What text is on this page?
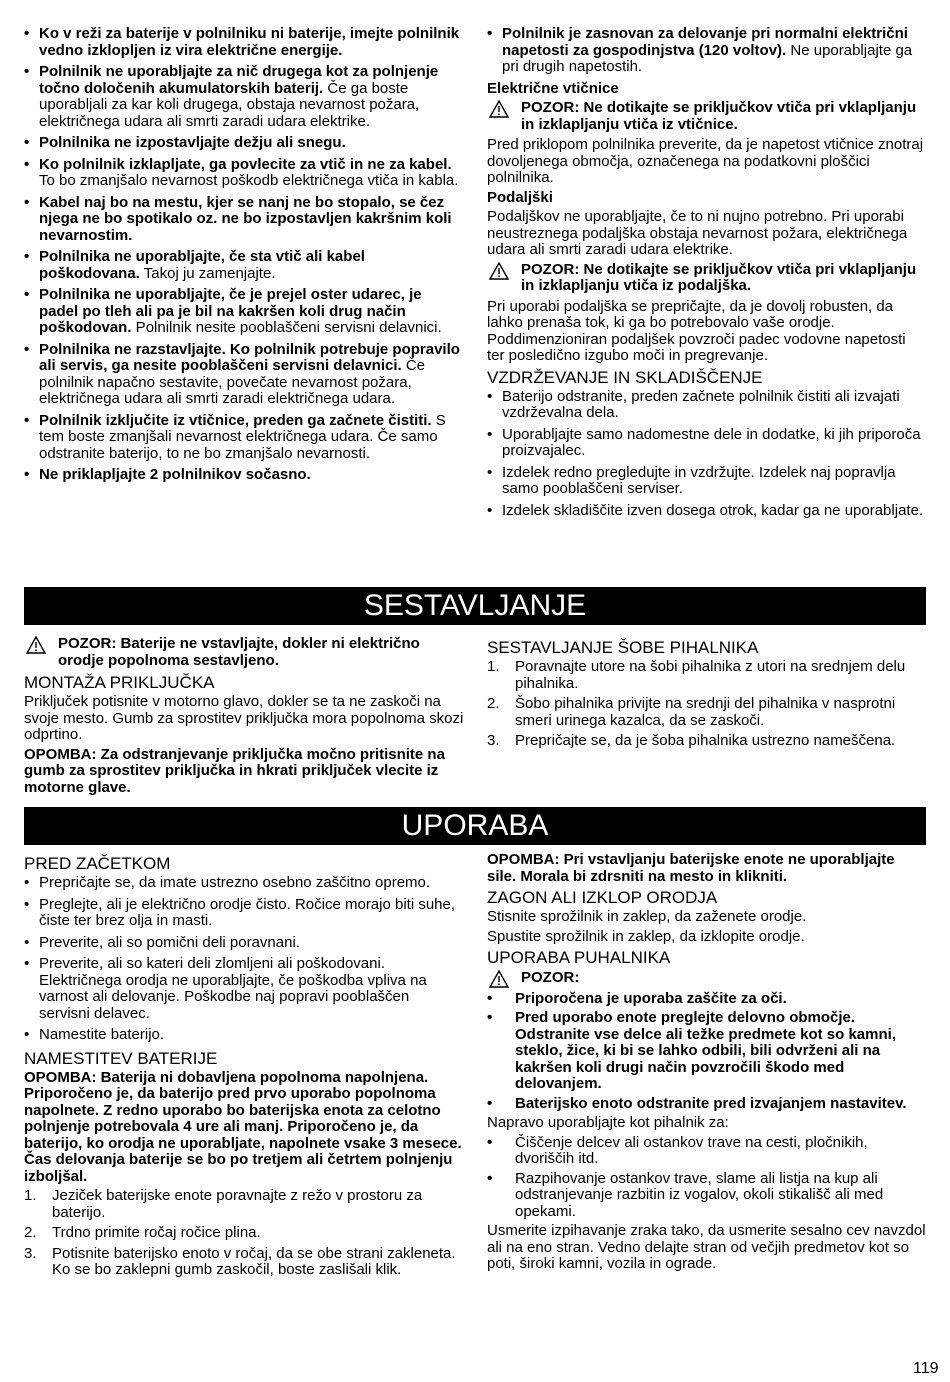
• Ko v reži za baterije v polnilniku ni baterije, imejte polnilnik vedno izklopljen iz vira električne energije.
• Polnilnik ne uporabljajte za nič drugega kot za polnjenje točno določenih akumulatorskih baterij. Če ga boste uporabljali za kar koli drugega, obstaja nevarnost požara, električnega udara ali smrti zaradi udara elektrike.
• Polnilnika ne izpostavljajte dežju ali snegu.
• Ko polnilnik izklapljate, ga povlecite za vtič in ne za kabel. To bo zmanjšalo nevarnost poškodb električnega vtiča in kabla.
• Kabel naj bo na mestu, kjer se nanj ne bo stopalo, se čez njega ne bo spotikalo oz. ne bo izpostavljen kakršnim koli nevarnostim.
• Polnilnika ne uporabljajte, če sta vtič ali kabel poškodovana. Takoj ju zamenjajte.
• Polnilnika ne uporabljajte, če je prejel oster udarec, je padel po tleh ali pa je bil na kakršen koli drug način poškodovan. Polnilnik nesite pooblaščeni servisni delavnici.
• Polnilnika ne razstavljajte. Ko polnilnik potrebuje popravilo ali servis, ga nesite pooblaščeni servisni delavnici. Če polnilnik napačno sestavite, povečate nevarnost požara, električnega udara ali smrti zaradi električnega udara.
• Polnilnik izključite iz vtičnice, preden ga začnete čistiti. S tem boste zmanjšali nevarnost električnega udara. Če samo odstranite baterijo, to ne bo zmanjšalo nevarnosti.
• Ne priklapljajte 2 polnilnikov sočasno.
• Polnilnik je zasnovan za delovanje pri normalni električni napetosti za gospodinjstva (120 voltov). Ne uporabljajte ga pri drugih napetostih.
Električne vtičnice
POZOR: Ne dotikajte se priključkov vtiča pri vklapljanju in izklapljanju vtiča iz vtičnice.

Pred priklopom polnilnika preverite, da je napetost vtičnice znotraj dovoljenega območja, označenega na podatkovni ploščici polnilnika.

Podaljški

Podaljškov ne uporabljajte, če to ni nujno potrebno. Pri uporabi neustreznega podaljška obstaja nevarnost požara, električnega udara ali smrti zaradi udara elektrike.

POZOR: Ne dotikajte se priključkov vtiča pri vklapljanju in izklapljanju vtiča iz podaljška.

Pri uporabi podaljška se prepričajte, da je dovolj robusten, da lahko prenaša tok, ki ga bo potrebovalo vaše orodje. Poddimenzioniran podaljšek povzroči padec vodovne napetosti ter posledično izgubo moči in pregrevanje.

VZDRŽEVANJE IN SKLADIŠČENJE
• Baterijo odstranite, preden začnete polnilnik čistiti ali izvajati vzdrževalna dela.
• Uporabljajte samo nadomestne dele in dodatke, ki jih priporoča proizvajalec.
• Izdelek redno pregledujte in vzdržujte. Izdelek naj popravlja samo pooblaščeni serviser.
• Izdelek skladiščite izven dosega otrok, kadar ga ne uporabljate.
SESTAVLJANJE
POZOR: Baterije ne vstavljajte, dokler ni električno orodje popolnoma sestavljeno.
MONTAŽA PRIKLJUČKA

Priključek potisnite v motorno glavo, dokler se ta ne zaskoči na svoje mesto. Gumb za sprostitev priključka mora popolnoma skozi odprtino.

OPOMBA: Za odstranjevanje priključka močno pritisnite na gumb za sprostitev priključka in hkrati priključek vlecite iz motorne glave.

SESTAVLJANJE ŠOBE PIHALNIKA
1. Poravnajte utore na šobi pihalnika z utori na srednjem delu pihalnika.
2. Šobo pihalnika privijte na srednji del pihalnika v nasprotni smeri urinega kazalca, da se zaskoči.
3. Prepričajte se, da je šoba pihalnika ustrezno nameščena.
UPORABA
PRED ZAČETKOM
• Prepričajte se, da imate ustrezno osebno zaščitno opremo.
• Preglejte, ali je električno orodje čisto. Ročice morajo biti suhe, čiste ter brez olja in masti.
• Preverite, ali so pomični deli poravnani.
• Preverite, ali so kateri deli zlomljeni ali poškodovani. Električnega orodja ne uporabljajte, če poškodba vpliva na varnost ali delovanje. Poškodbe naj popravi pooblaščen servisni delavec.
• Namestite baterijo.
NAMESTITEV BATERIJE

OPOMBA: Baterija ni dobavljena popolnoma napolnjena. Priporočeno je, da baterijo pred prvo uporabo popolnoma napolnete. Z redno uporabo bo baterijska enota za celotno polnjenje potrebovala 4 ure ali manj. Priporočeno je, da baterijo, ko orodja ne uporabljate, napolnete vsake 3 mesece. Čas delovanja baterije se bo po tretjem ali četrtem polnjenju izboljšal.

1. Jeziček baterijske enote poravnajte z režo v prostoru za baterijo.
2. Trdno primite ročaj ročice plina.
3. Potisnite baterijsko enoto v ročaj, da se obe strani zakleneta. Ko se bo zaklepni gumb zaskočil, boste zaslišali klik.

OPOMBA: Pri vstavljanju baterijske enote ne uporabljajte sile. Morala bi zdrsniti na mesto in klikniti.

ZAGON ALI IZKLOP ORODJA

Stisnite sprožilnik in zaklep, da zaženete orodje.

Spustite sprožilnik in zaklep, da izklopite orodje.

UPORABA PUHALNIKA
POZOR:
• Priporočena je uporaba zaščite za oči.
• Pred uporabo enote preglejte delovno območje. Odstranite vse delce ali težke predmete kot so kamni, steklo, žice, ki bi se lahko odbili, bili odvrženi ali na kakršen koli drugi način povzročili škodo med delovanjem.
• Baterijsko enoto odstranite pred izvajanjem nastavitev.

Napravo uporabljajte kot pihalnik za:

• Čiščenje delcev ali ostankov trave na cesti, pločnikih, dvoriščih itd.
• Razpihovanje ostankov trave, slame ali listja na kup ali odstranjevanje razbitin iz vogalov, okoli stikališč ali med opekami.

Usmerite izpihavanje zraka tako, da usmerite sesalno cev navzdol ali na eno stran. Vedno delajte stran od večjih predmetov kot so poti, široki kamni, vozila in ograde.

119
